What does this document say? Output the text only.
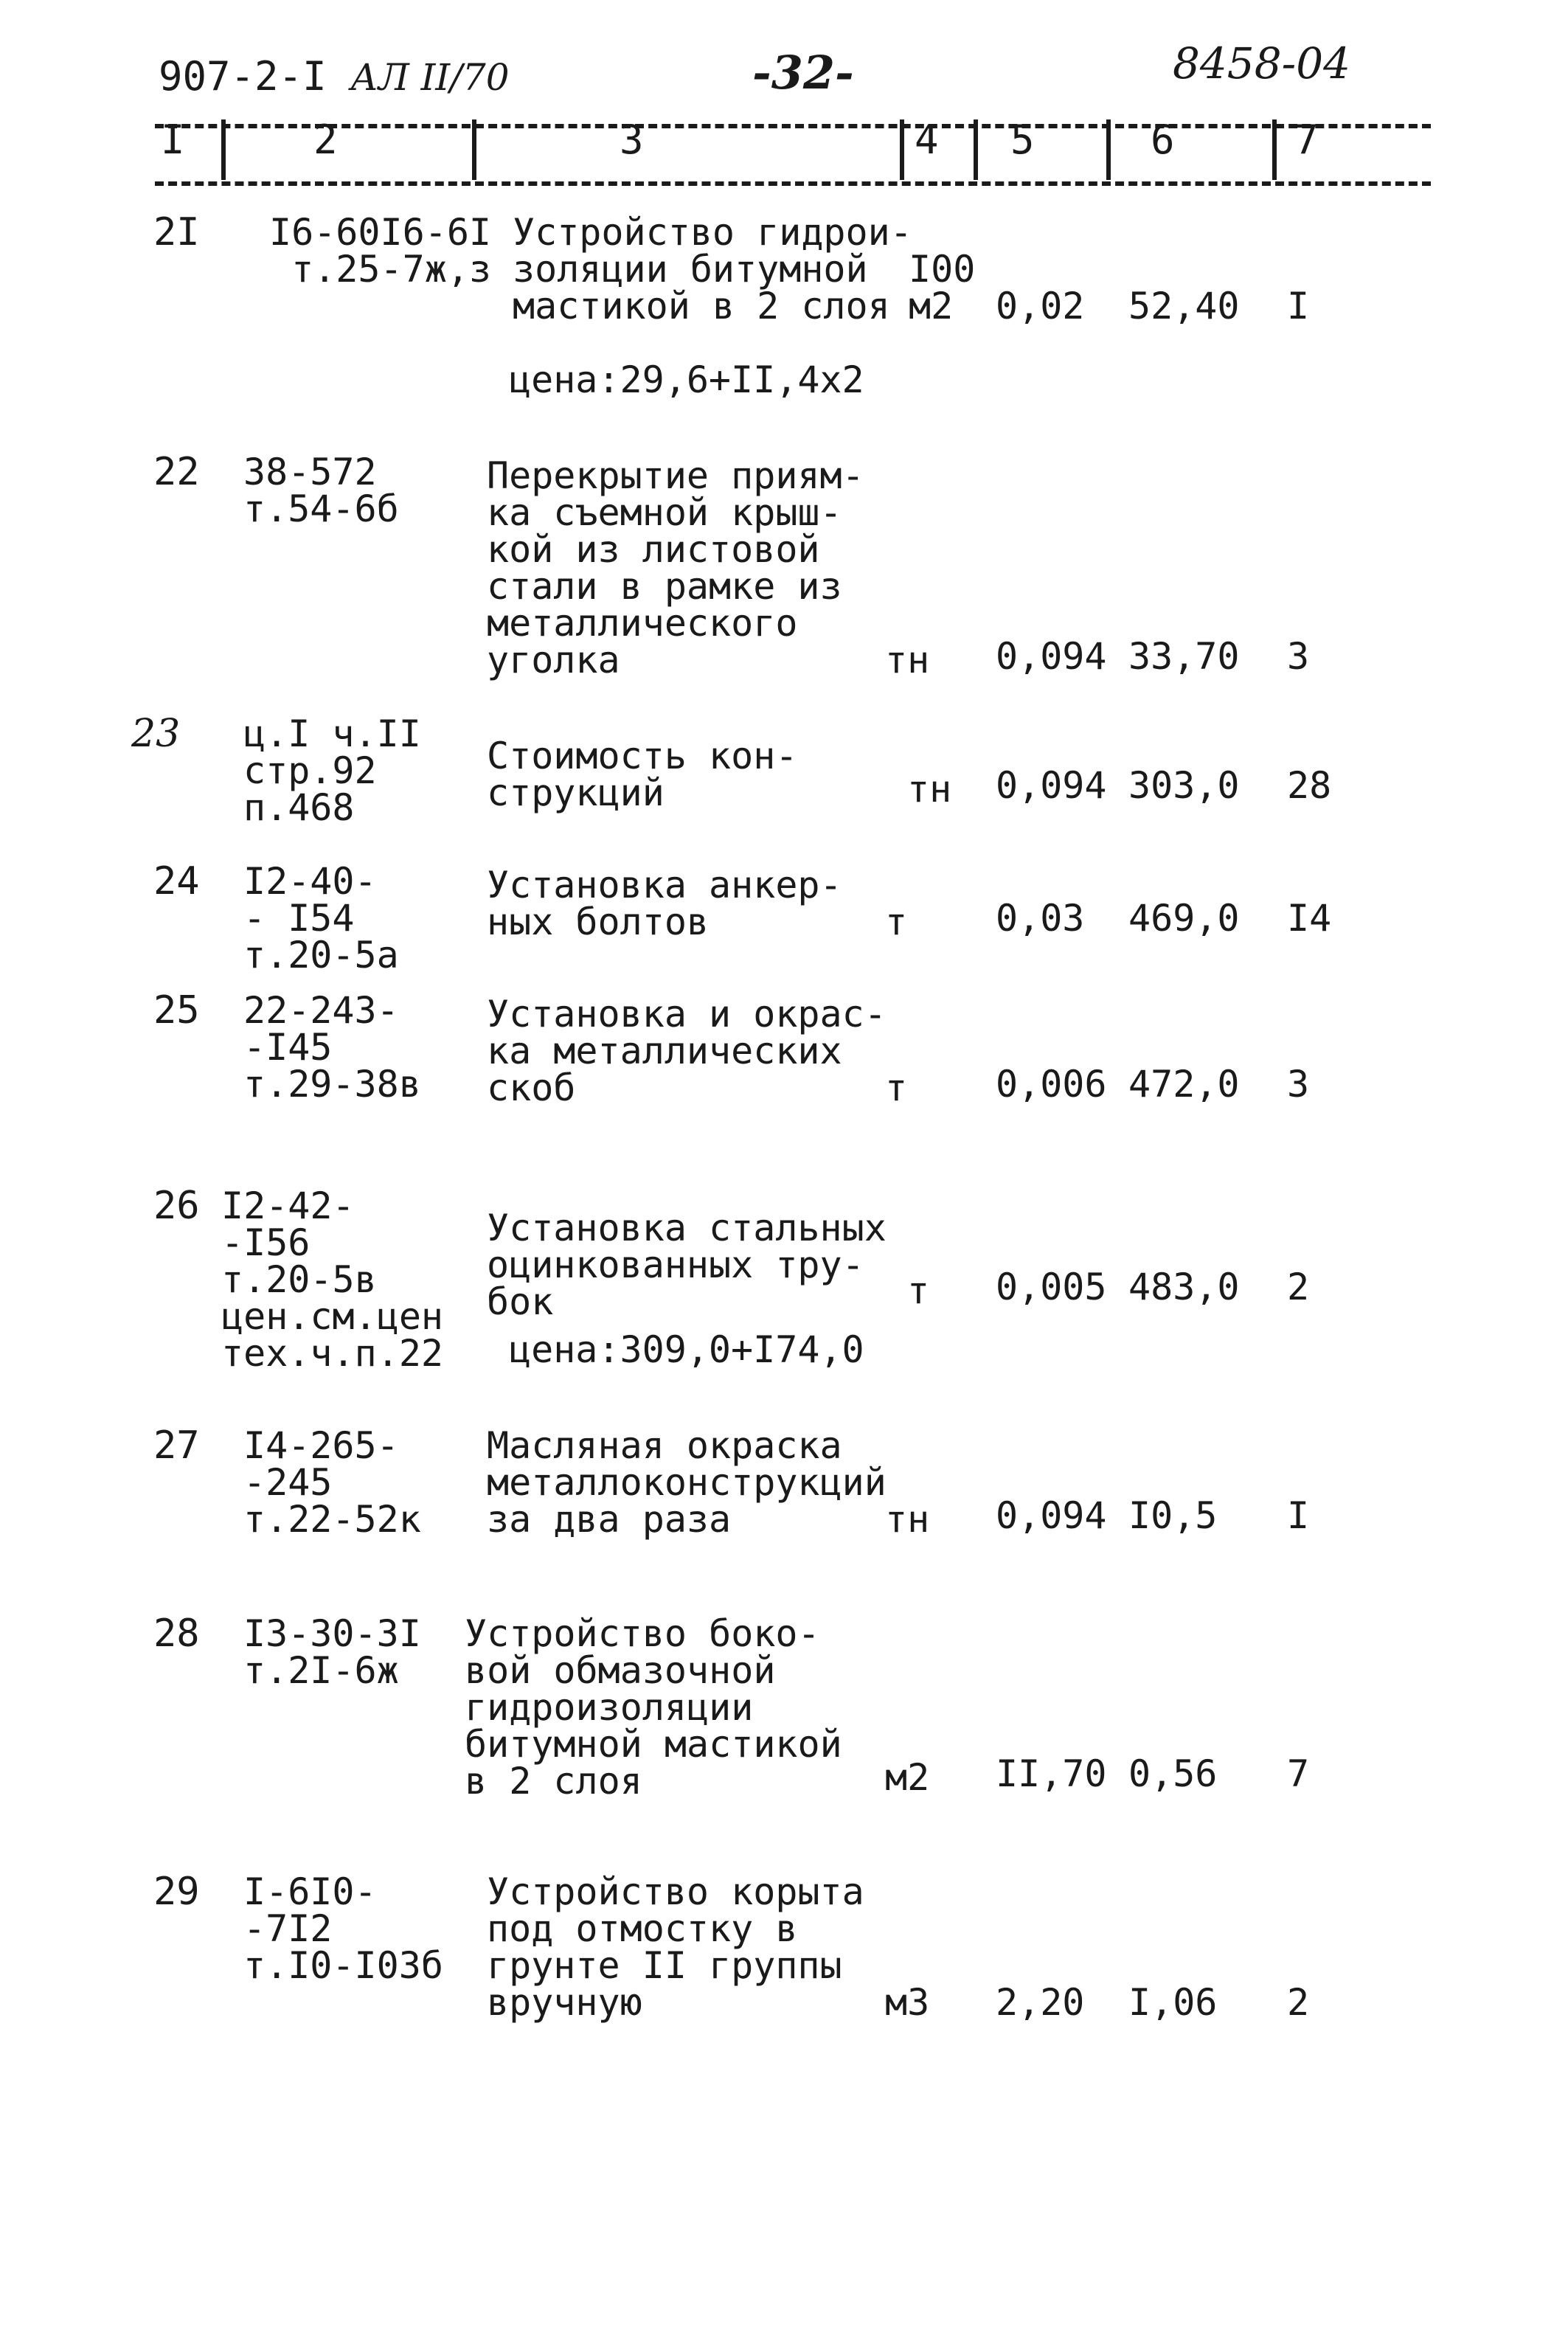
907-2-I АЛ II/70	-32-	8458-04
I	2	3	4 5	6	7
2I I6-60I6-6I
т.25-7ж,з
Устройство гидрои-
золяции битумной
мастикой в 2 слоя
I00
м2	0,02 52,40 I
цена:29,6+II,4x2
22 38-572
т.54-6б
Перекрытие приям-
ка съемной крыш-
кой из листовой
стали в рамке из
металлического
уголка	тн 0,094 33,70 3
23 ц.I ч.II
стр.92
п.468
Стоимость кон-
струкций	тн 0,094 303,0 28
24 I2-40-
- I54
т.20-5а
Установка анкер-
ных болтов	т 0,03 469,0 I4
25 22-243-
-I45
т.29-38в
Установка и окрас-
ка металлических
скоб	т 0,006 472,0 3
26 I2-42-
-I56
т.20-5в
цен.см.цен
тех.ч.п.22
Установка стальных
оцинкованных тру-
бок	т 0,005 483,0 2
цена:309,0+I74,0
27 I4-265-
-245
т.22-52к
Масляная окраска
металлоконструкций
за два раза	тн 0,094 I0,5 I
28 I3-30-3I
т.2I-6ж
Устройство боко-
вой обмазочной
гидроизоляции
битумной мастикой
в 2 слоя	м2 II,70 0,56 7
29 I-6I0-
-7I2
т.I0-I03б
Устройство корыта
под отмостку в
грунте II группы
вручную	м3 2,20 I,06 2
